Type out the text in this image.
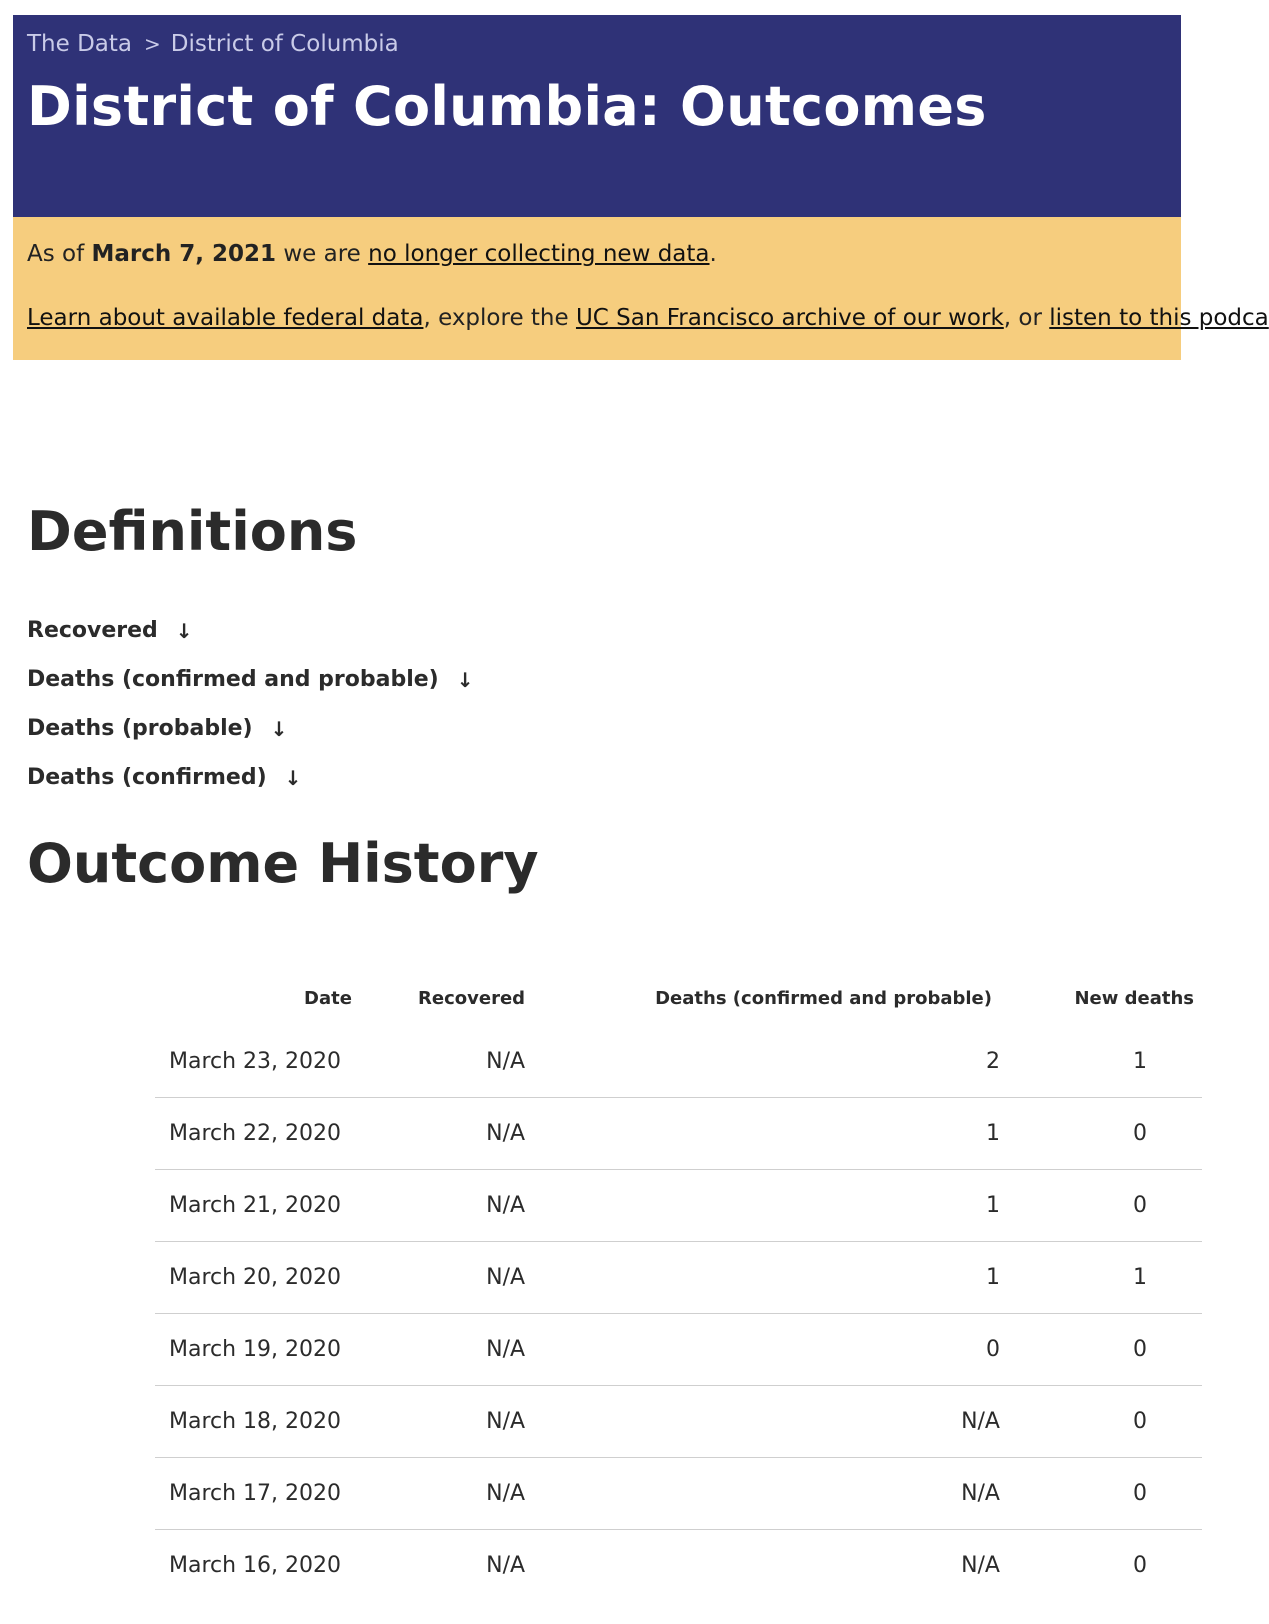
The Data > District of Columbia
District of Columbia: Outcomes

As of March 7, 2021 we are no longer collecting new data.

Learn about available federal data, explore the UC San Francisco archive of our work, or listen to this podca

Definitions
Recovered ↓
Deaths (confirmed and probable) ↓
Deaths (probable) ↓
Deaths (confirmed) ↓
Outcome History
Date	Recovered	Deaths (confirmed and probable)	New deaths
March 23, 2020	N/A	2	1
March 22, 2020	N/A	1	0
March 21, 2020	N/A	1	0
March 20, 2020	N/A	1	1
March 19, 2020	N/A	0	0
March 18, 2020	N/A	N/A	0
March 17, 2020	N/A	N/A	0
March 16, 2020	N/A	N/A	0
